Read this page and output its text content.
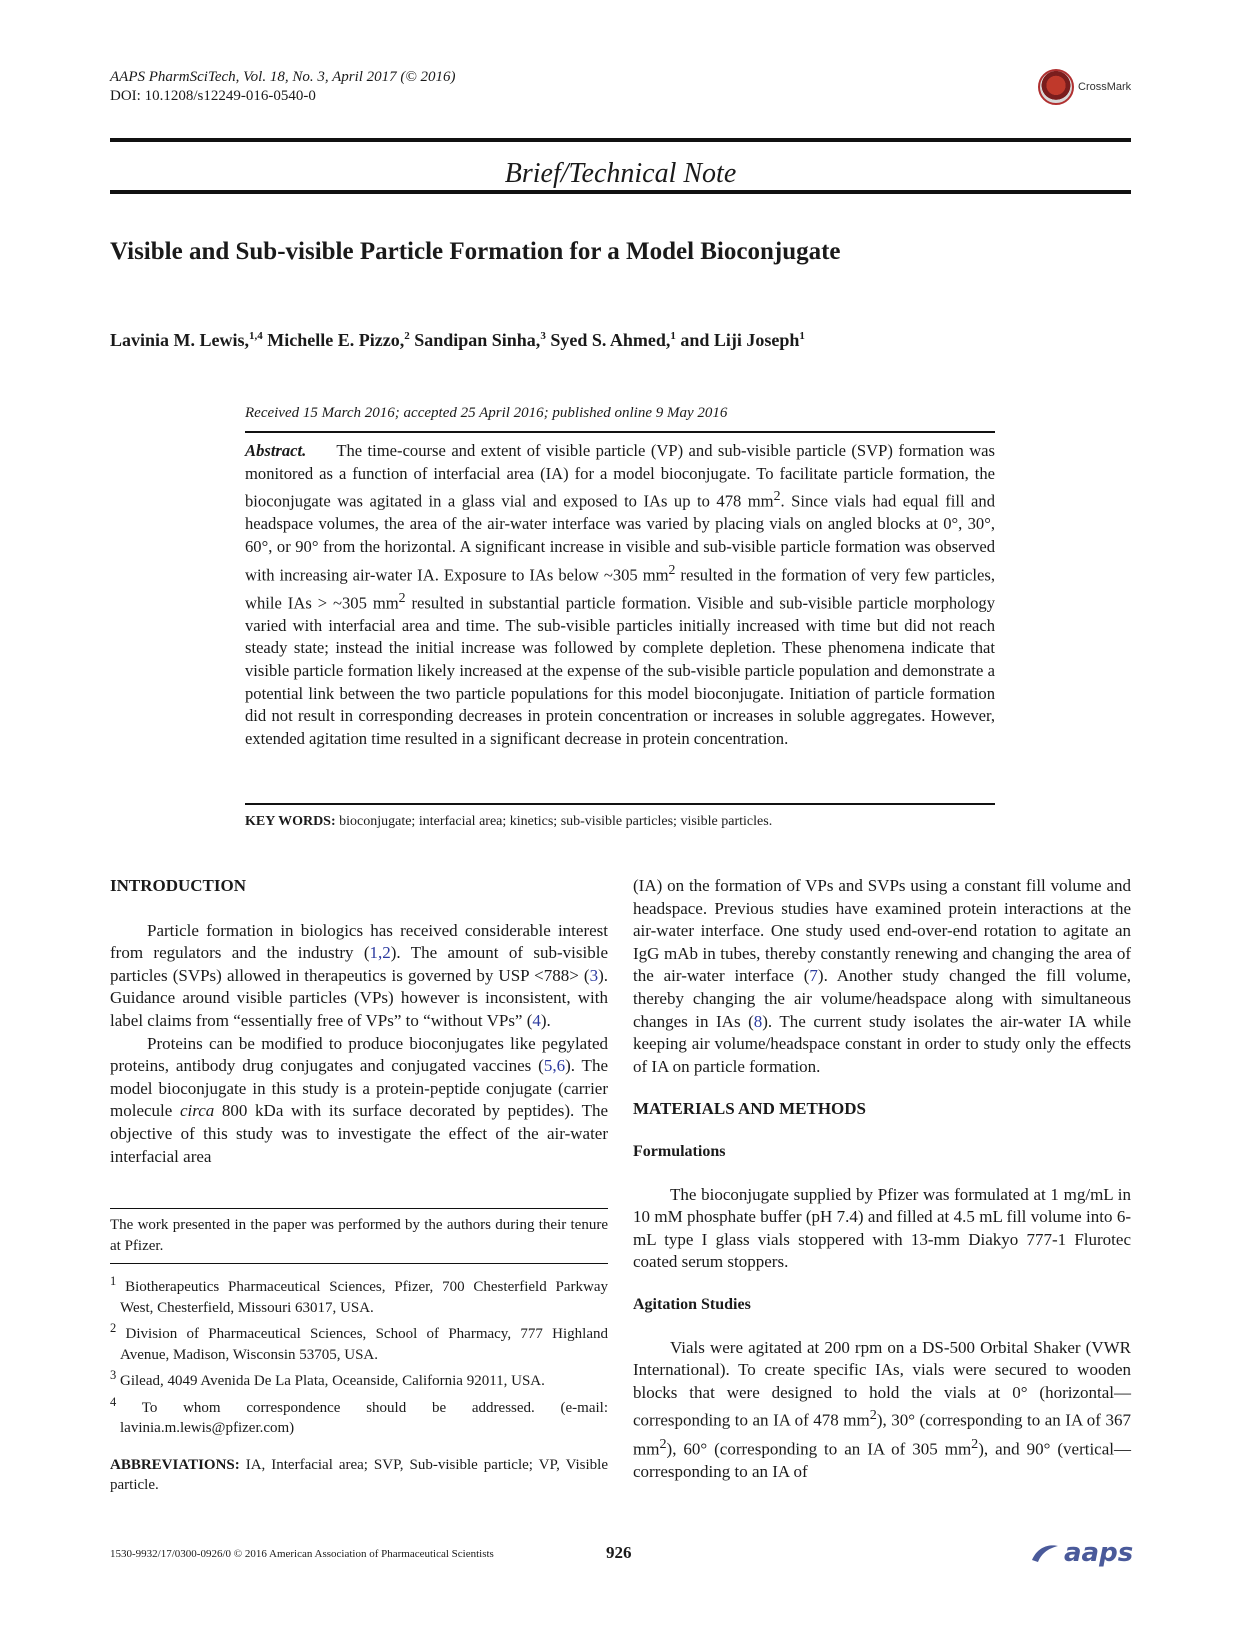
AAPS PharmSciTech, Vol. 18, No. 3, April 2017 (© 2016)
DOI: 10.1208/s12249-016-0540-0
CrossMark
Brief/Technical Note
Visible and Sub-visible Particle Formation for a Model Bioconjugate
Lavinia M. Lewis,$^{1,4}$ Michelle E. Pizzo,$^2$ Sandipan Sinha,$^3$ Syed S. Ahmed,$^1$ and Liji Joseph$^1$
Received 15 March 2016; accepted 25 April 2016; published online 9 May 2016
Abstract. The time-course and extent of visible particle (VP) and sub-visible particle (SVP) formation was monitored as a function of interfacial area (IA) for a model bioconjugate. To facilitate particle formation, the bioconjugate was agitated in a glass vial and exposed to IAs up to 478 $mm^2$. Since vials had equal fill and headspace volumes, the area of the air-water interface was varied by placing vials on angled blocks at 0°, 30°, 60°, or 90° from the horizontal. A significant increase in visible and sub-visible particle formation was observed with increasing air-water IA. Exposure to IAs below ~305 $mm^2$ resulted in the formation of very few particles, while IAs > ~305 $mm^2$ resulted in substantial particle formation. Visible and sub-visible particle morphology varied with interfacial area and time. The sub-visible particles initially increased with time but did not reach steady state; instead the initial increase was followed by complete depletion. These phenomena indicate that visible particle formation likely increased at the expense of the sub-visible particle population and demonstrate a potential link between the two particle populations for this model bioconjugate. Initiation of particle formation did not result in corresponding decreases in protein concentration or increases in soluble aggregates. However, extended agitation time resulted in a significant decrease in protein concentration.
KEY WORDS: bioconjugate; interfacial area; kinetics; sub-visible particles; visible particles.
INTRODUCTION

Particle formation in biologics has received considerable interest from regulators and the industry (1,2). The amount of sub-visible particles (SVPs) allowed in therapeutics is governed by USP <788> (3). Guidance around visible particles (VPs) however is inconsistent, with label claims from “essentially free of VPs” to “without VPs” (4).

Proteins can be modified to produce bioconjugates like pegylated proteins, antibody drug conjugates and conjugated vaccines (5,6). The model bioconjugate in this study is a protein-peptide conjugate (carrier molecule circa 800 kDa with its surface decorated by peptides). The objective of this study was to investigate the effect of the air-water interfacial area

The work presented in the paper was performed by the authors during their tenure at Pfizer.
$^1$ Biotherapeutics Pharmaceutical Sciences, Pfizer, 700 Chesterfield Parkway West, Chesterfield, Missouri 63017, USA.
$^2$ Division of Pharmaceutical Sciences, School of Pharmacy, 777 Highland Avenue, Madison, Wisconsin 53705, USA.
$^3$ Gilead, 4049 Avenida De La Plata, Oceanside, California 92011, USA.
$^4$ To whom correspondence should be addressed. (e-mail: lavinia.m.lewis@pfizer.com)
ABBREVIATIONS: IA, Interfacial area; SVP, Sub-visible particle; VP, Visible particle.

(IA) on the formation of VPs and SVPs using a constant fill volume and headspace. Previous studies have examined protein interactions at the air-water interface. One study used end-over-end rotation to agitate an IgG mAb in tubes, thereby constantly renewing and changing the area of the air-water interface (7). Another study changed the fill volume, thereby changing the air volume/headspace along with simultaneous changes in IAs (8). The current study isolates the air-water IA while keeping air volume/headspace constant in order to study only the effects of IA on particle formation.

MATERIALS AND METHODS
Formulations

The bioconjugate supplied by Pfizer was formulated at 1 mg/mL in 10 mM phosphate buffer (pH 7.4) and filled at 4.5 mL fill volume into 6-mL type I glass vials stoppered with 13-mm Diakyo 777-1 Flurotec coated serum stoppers.

Agitation Studies

Vials were agitated at 200 rpm on a DS-500 Orbital Shaker (VWR International). To create specific IAs, vials were secured to wooden blocks that were designed to hold the vials at 0° (horizontal—corresponding to an IA of 478 $mm^2$), 30° (corresponding to an IA of 367 $mm^2$), 60° (corresponding to an IA of 305 $mm^2$), and 90° (vertical—corresponding to an IA of

1530-9932/17/0300-0926/0 © 2016 American Association of Pharmaceutical Scientists	926	aaps
